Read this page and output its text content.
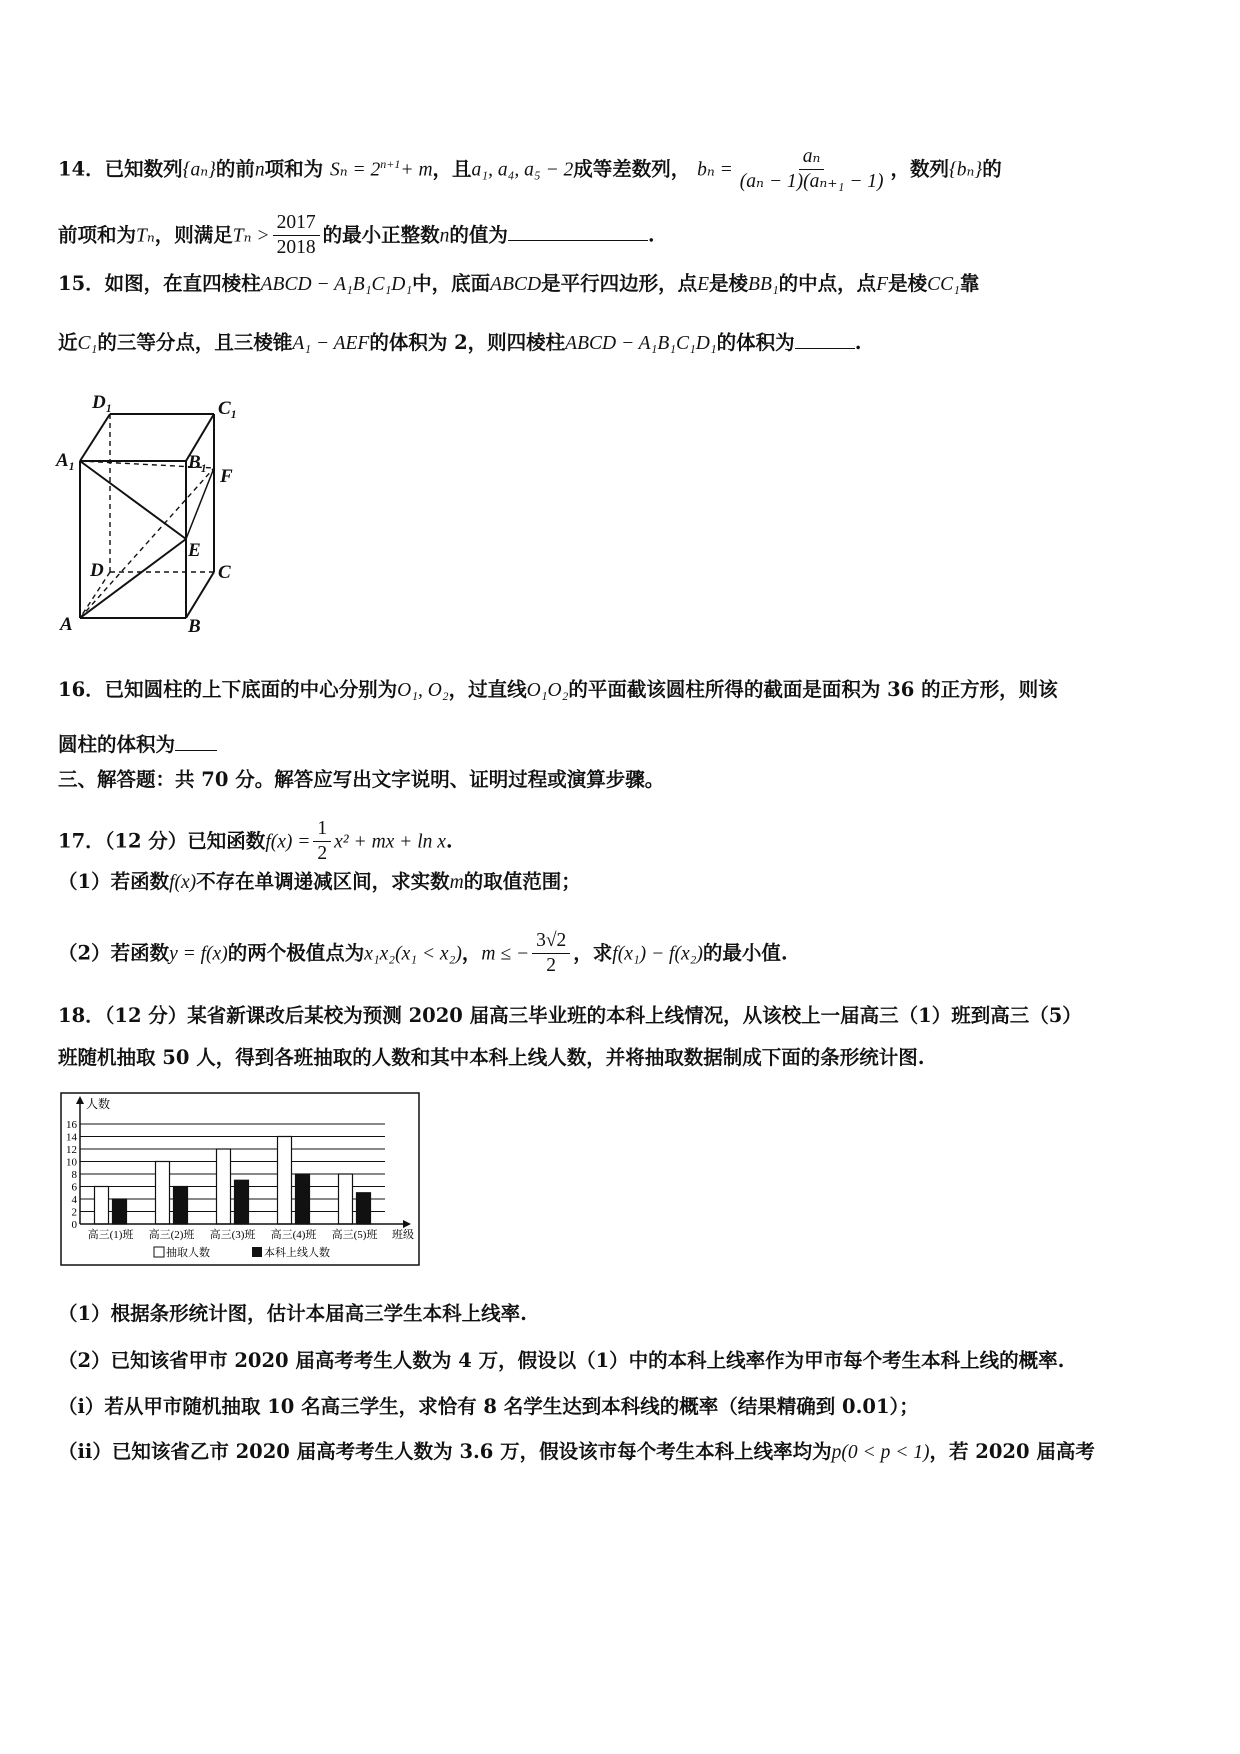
14．已知数列{aₙ}的前n项和为 $S_n = 2^{n+1}+ m$，且a₁, a₄, a₅ − 2成等差数列， $b_n = \frac{\text{aₙ}}{\text{(aₙ − 1)(aₙ₊₁ − 1)}}$ ，数列{bₙ}的
前项和为Tₙ，则满足$T_n > \frac{2017}{2018}$ 的最小正整数n的值为	.
15．如图，在直四棱柱ABCD − A₁B₁C₁D₁中，底面ABCD是平行四边形，点E是棱BB₁的中点，点F是棱CC₁靠
近C₁的三等分点，且三棱锥A₁ − AEF的体积为 2，则四棱柱ABCD − A₁B₁C₁D₁的体积为	.
D₁	C₁
A₁	B₁
F
E
D	C
A	B
16．已知圆柱的上下底面的中心分别为O₁, O₂，过直线O₁O₂的平面截该圆柱所得的截面是面积为 36 的正方形，则该
圆柱的体积为
三、解答题：共 70 分。解答应写出文字说明、证明过程或演算步骤。
17．（12 分）已知函数$f(x) = \frac{1}{2} x^2$ + mx + ln x.
（1）若函数f(x)不存在单调递减区间，求实数m的取值范围；
（2）若函数y = f(x)的两个极值点为x₁x₂(x₁ < x₂)，m ≤ − $\frac{3√2}{2}$ ，求f(x₁) − f(x₂)的最小值.
18．（12 分）某省新课改后某校为预测 2020 届高三毕业班的本科上线情况，从该校上一届高三（1）班到高三（5）
班随机抽取 50 人，得到各班抽取的人数和其中本科上线人数，并将抽取数据制成下面的条形统计图.
0
2
4
6
8
10
12
14
16
高三(1)班 高三(2)班 高三(3)班 高三(4)班 高三(5)班
人数
班级
抽取人数	本科上线人数
（1）根据条形统计图，估计本届高三学生本科上线率.
（2）已知该省甲市 2020 届高考考生人数为 4 万，假设以（1）中的本科上线率作为甲市每个考生本科上线的概率.
（i）若从甲市随机抽取 10 名高三学生，求恰有 8 名学生达到本科线的概率（结果精确到 0.01）；
（ii）已知该省乙市 2020 届高考考生人数为 3.6 万，假设该市每个考生本科上线率均为p(0 < p < 1)，若 2020 届高考
